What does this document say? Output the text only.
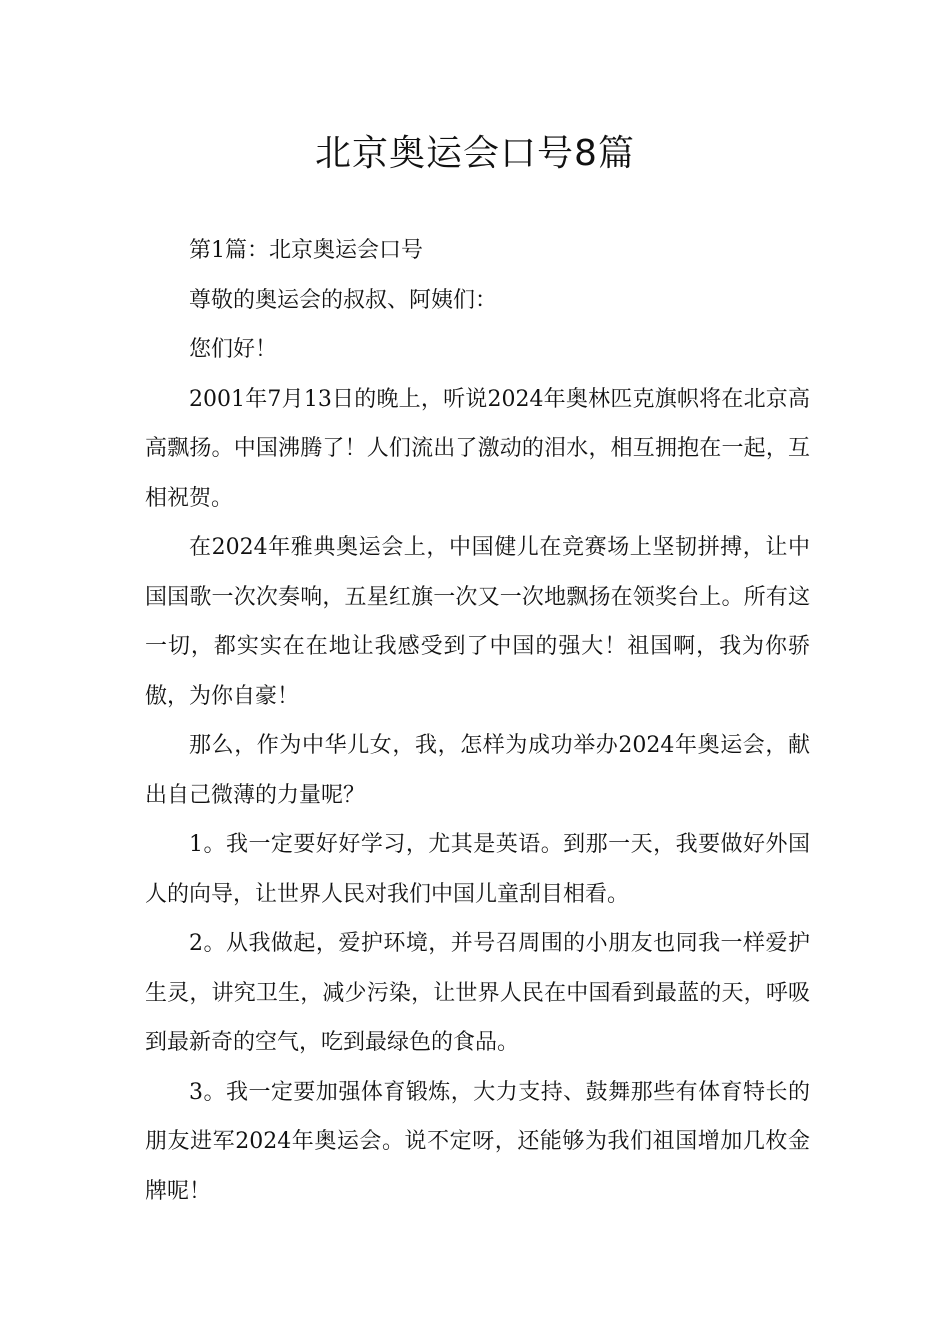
北京奥运会口号8篇

第1篇：北京奥运会口号

尊敬的奥运会的叔叔、阿姨们：

您们好！

2001年7月13日的晚上，听说2024年奥林匹克旗帜将在北京高高飘扬。中国沸腾了！人们流出了激动的泪水，相互拥抱在一起，互相祝贺。

在2024年雅典奥运会上，中国健儿在竞赛场上坚韧拼搏，让中国国歌一次次奏响，五星红旗一次又一次地飘扬在领奖台上。所有这一切，都实实在在地让我感受到了中国的强大！祖国啊，我为你骄傲，为你自豪！

那么，作为中华儿女，我，怎样为成功举办2024年奥运会，献出自己微薄的力量呢？

1。我一定要好好学习，尤其是英语。到那一天，我要做好外国人的向导，让世界人民对我们中国儿童刮目相看。

2。从我做起，爱护环境，并号召周围的小朋友也同我一样爱护生灵，讲究卫生，减少污染，让世界人民在中国看到最蓝的天，呼吸到最新奇的空气，吃到最绿色的食品。

3。我一定要加强体育锻炼，大力支持、鼓舞那些有体育特长的朋友进军2024年奥运会。说不定呀，还能够为我们祖国增加几枚金牌呢！
